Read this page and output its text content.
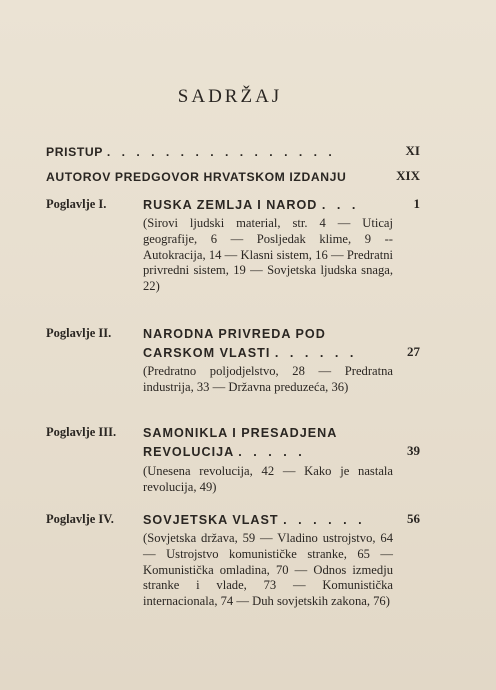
SADRŽAJ
PRISTUP . . . . . . . . . . . . . . . .	XI
AUTOROV PREDGOVOR HRVATSKOM IZDANJU	XIX
Poglavlje I.	RUSKA ZEMLJA I NAROD . . .	1
(Sirovi ljudski material, str. 4 — Uticaj geografije, 6 — Posljedak klime, 9 -- Autokracija, 14 — Klasni sistem, 16 — Predratni privredni sistem, 19 — Sovjetska ljudska snaga, 22)
Poglavlje II.	NARODNA PRIVREDA POD CARSKOM VLASTI . . . . . .	27
(Predratno poljodjelstvo, 28 — Predratna industrija, 33 — Državna preduzeća, 36)
Poglavlje III. SAMONIKLA I PRESADJENA REVOLUCIJA . . . . .	39
(Unesena revolucija, 42 — Kako je nastala revolucija, 49)
Poglavlje IV. SOVJETSKA VLAST . . . . . .	56
(Sovjetska država, 59 — Vladino ustrojstvo, 64 — Ustrojstvo komunističke stranke, 65 — Komunistička omladina, 70 — Odnos izmedju stranke i vlade, 73 — Komunistička internacionala, 74 — Duh sovjetskih zakona, 76)
